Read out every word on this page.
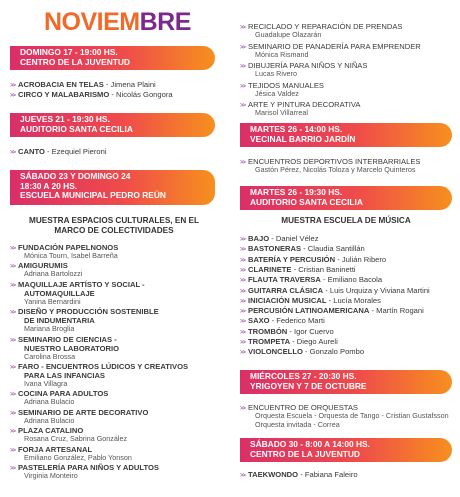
NOVIEMBRE
DOMINGO 17 - 19:00 HS.
CENTRO DE LA JUVENTUD
>> ACROBACIA EN TELAS - Jimena Plaini
>> CIRCO Y MALABARISMO - Nicolás Gongora
JUEVES 21 - 19:30 HS.
AUDITORIO SANTA CECILIA
>> CANTO - Ezequiel Pieroni
SÁBADO 23 Y DOMINGO 24
18:30 A 20 HS.
ESCUELA MUNICIPAL PEDRO REÜN
MUESTRA ESPACIOS CULTURALES, EN EL
MARCO DE COLECTIVIDADES
MARTES 26 - 14:00 HS.
VECINAL BARRIO JARDÍN
>> ENCUENTROS DEPORTIVOS INTERBARRIALES
Gastón Pérez, Nicolás Toloza y Marcelo Quinteros
MARTES 26 - 19:30 HS.
AUDITORIO SANTA CECILIA
MUESTRA ESCUELA DE MÚSICA
MIÉRCOLES 27 - 20:30 HS.
YRIGOYEN Y 7 DE OCTUBRE
>> ENCUENTRO DE ORQUESTAS
Orquesta Escuela - Orquesta de Tango - Cristian Gustafsson
Orquesta invitada - Correa
SÁBADO 30 - 8:00 A 14:00 HS.
CENTRO DE LA JUVENTUD
>> TAEKWONDO - Fabiana Faleiro
>> FUNDACIÓN PAPELNONOS
Mónica Tourn, Isabel Barreña
>> AMIGURUMIS
Adriana Bartolozzi
>> MAQUILLAJE ARTÍSTO Y SOCIAL -
AUTOMAQUILLAJE
Yanina Bernardini
>> DISEÑO Y PRODUCCIÓN SOSTENIBLE
DE INDUMENTARIA
Mariana Broglia
>> SEMINARIO DE CIENCIAS -
NUESTRO LABORATORIO
Carolina Brossa
>> FARO - ENCUENTROS LÚDICOS Y CREATIVOS
PARA LAS INFANCIAS
Ivana Villagra
>> COCINA PARA ADULTOS
Adriana Bulacio
>> SEMINARIO DE ARTE DECORATIVO
Adriana Bulacio
>> PLAZA CATALINO
Rosana Cruz, Sabrina González
>> FORJA ARTESANAL
Emiliano González, Pablo Yonson
>> PASTELERÍA PARA NIÑOS Y ADULTOS
Virginia Monteiro
>> RECICLADO Y REPARACIÓN DE PRENDAS
Guadalupe Olazarán
>> SEMINARIO DE PANADERÍA PARA EMPRENDER
Mónica Rismand
>> DIBUJERÍA PARA NIÑOS Y NIÑAS
Lucas Rivero
>> TEJIDOS MANUALES
Jésica Valdez
>> ARTE Y PINTURA DECORATIVA
Marisol Villarreal
>> BAJO - Daniel Vélez
>> BASTONERAS - Claudia Santillán
>> BATERÍA Y PERCUSIÓN - Julián Ribero
>> CLARINETE - Cristian Baninetti
>> FLAUTA TRAVERSA - Emiliano Bacola
>> GUITARRA CLÁSICA - Luis Urquiza y Viviana Martini
>> INICIACIÓN MUSICAL - Lucía Morales
>> PERCUSIÓN LATINOAMERICANA - Martín Rogani
>> SAXO - Federico Marti
>> TROMBÓN - Igor Cuervo
>> TROMPETA - Diego Aureli
>> VIOLONCELLO - Gonzalo Pombo
